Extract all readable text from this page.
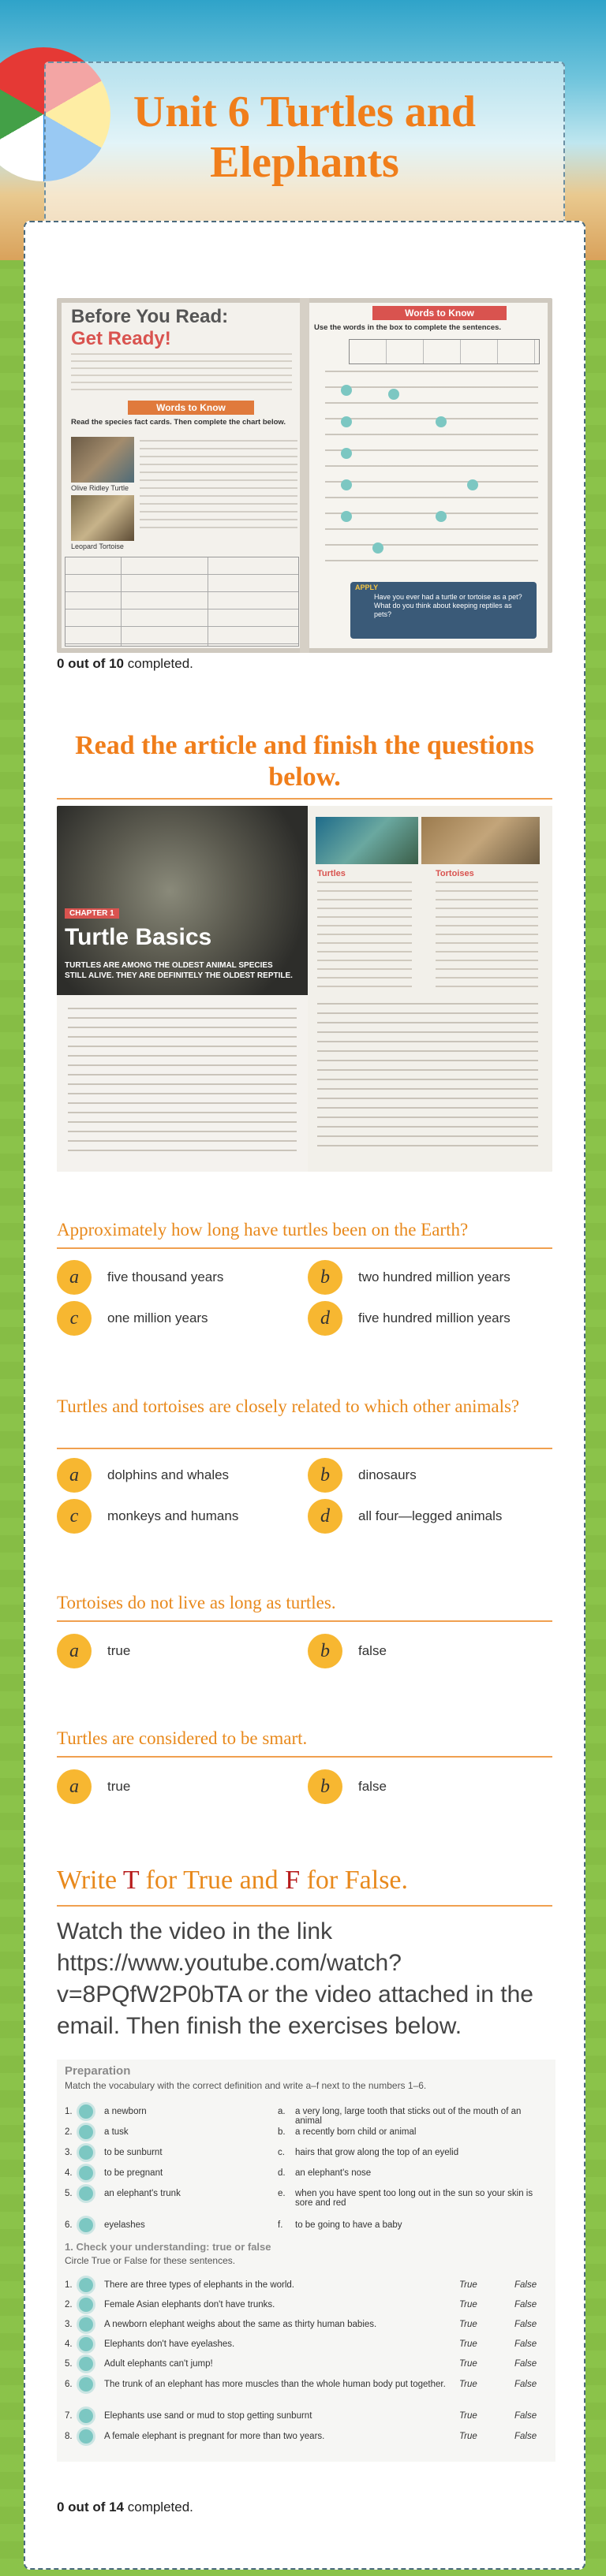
Unit 6 Turtles and Elephants
Before You Read:
Get Ready!
Words to Know
Read the species fact cards. Then complete the chart below.
Olive Ridley Turtle
Leopard Tortoise
Words to Know
Use the words in the box to complete the sentences.
APPLY
Have you ever had a turtle or tortoise as a pet? What do you think about keeping reptiles as pets?
0 out of 10 completed.
Read the article and finish the questions below.
CHAPTER 1
Turtle Basics
TURTLES ARE AMONG THE OLDEST ANIMAL SPECIES STILL ALIVE. THEY ARE DEFINITELY THE OLDEST REPTILE.
Turtles	Tortoises
Approximately how long have turtles been on the Earth?
a	five thousand years	b	two hundred million years
c	one million years	d	five hundred million years
Turtles and tortoises are closely related to which other animals?
a	dolphins and whales	b	dinosaurs
c	monkeys and humans	d	all four—legged animals
Tortoises do not live as long as turtles.
a	true	b	false
Turtles are considered to be smart.
a	true	b	false
Write T for True and F for False.
Watch the video in the link https://www.youtube.com/watch?v=8PQfW2P0bTA or the video attached in the email. Then finish the exercises below.
Preparation
Match the vocabulary with the correct definition and write a–f next to the numbers 1–6.
1.	a newborn	a. a very long, large tooth that sticks out of the mouth of an animal
2.	a tusk	b. a recently born child or animal
3.	to be sunburnt	c. hairs that grow along the top of an eyelid
4.	to be pregnant	d. an elephant's nose
5.	an elephant's trunk	e. when you have spent too long out in the sun so your skin is sore and red
6.	eyelashes	f. to be going to have a baby
1. Check your understanding: true or false
Circle True or False for these sentences.
1.	There are three types of elephants in the world.	True	False
2.	Female Asian elephants don't have trunks.	True	False
3.	A newborn elephant weighs about the same as thirty human babies.	True	False
4.	Elephants don't have eyelashes.	True	False
5.	Adult elephants can't jump!	True	False
6.	The trunk of an elephant has more muscles than the whole human body put together.	True	False
7.	Elephants use sand or mud to stop getting sunburnt	True	False
8.	A female elephant is pregnant for more than two years.	True	False
0 out of 14 completed.
